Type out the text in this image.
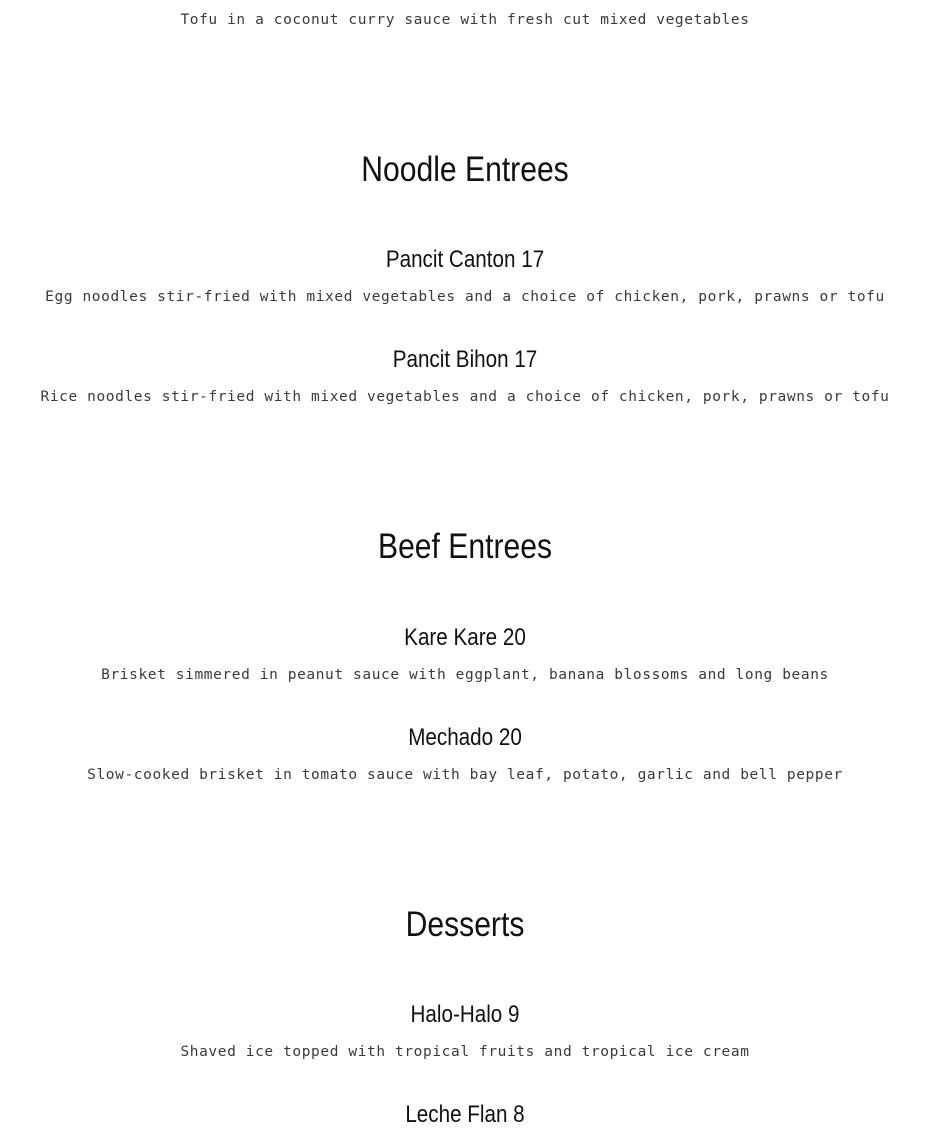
Tofu in a coconut curry sauce with fresh cut mixed vegetables
Noodle Entrees
Pancit Canton 17
Egg noodles stir-fried with mixed vegetables and a choice of chicken, pork, prawns or tofu
Pancit Bihon 17
Rice noodles stir-fried with mixed vegetables and a choice of chicken, pork, prawns or tofu
Beef Entrees
Kare Kare 20
Brisket simmered in peanut sauce with eggplant, banana blossoms and long beans
Mechado 20
Slow-cooked brisket in tomato sauce with bay leaf, potato, garlic and bell pepper
Desserts
Halo-Halo 9
Shaved ice topped with tropical fruits and tropical ice cream
Leche Flan 8
